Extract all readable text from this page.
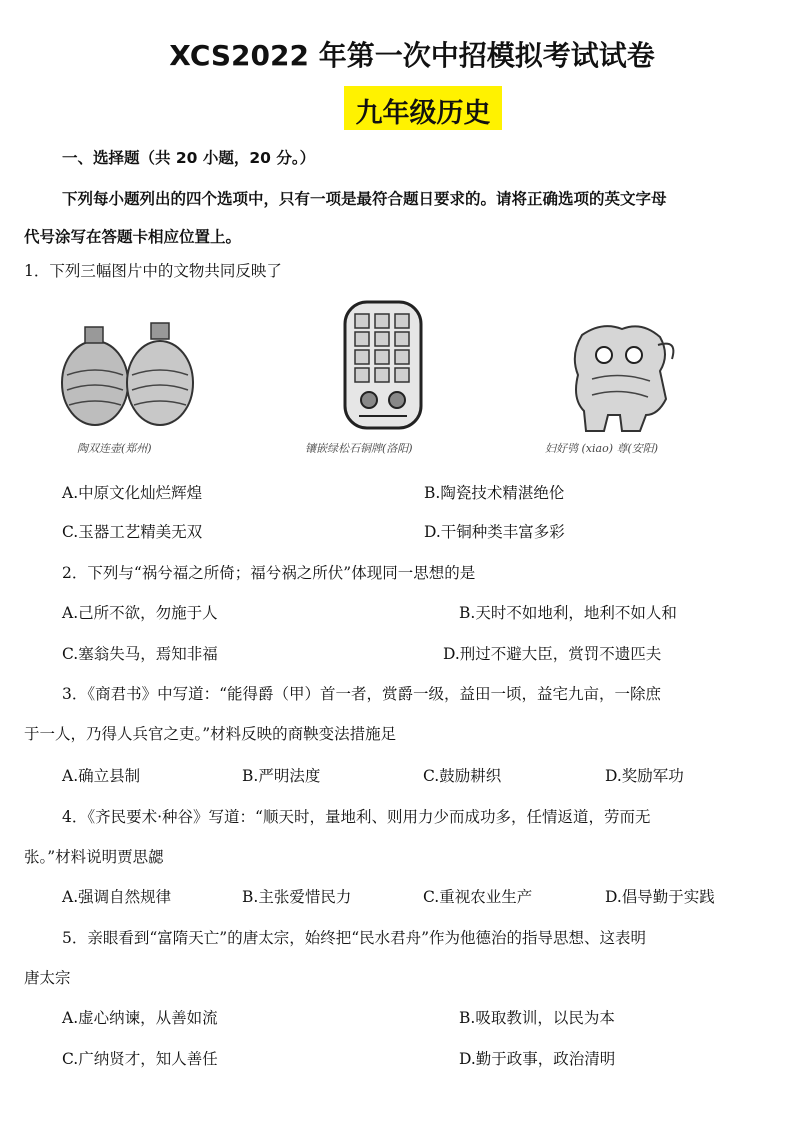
XCS2022 年第一次中招模拟考试试卷
九年级历史
一、选择题（共 20 小题，20 分。）
下列每小题列出的四个选项中，只有一项是最符合题日要求的。请将正确选项的英文字母
代号涂写在答题卡相应位置上。
1．下列三幅图片中的文物共同反映了
陶双连壶(郑州)	镶嵌绿松石铜牌(洛阳)	妇好鸮 (xiao) 尊(安阳)
A.中原文化灿烂辉煌	B.陶瓷技术精湛绝伦
C.玉器工艺精美无双	D.干铜种类丰富多彩
2．下列与“祸兮福之所倚；福兮祸之所伏”体现同一思想的是
A.己所不欲，勿施于人	B.天时不如地利，地利不如人和
C.塞翁失马，焉知非福	D.刑过不避大臣，赏罚不遗匹夫
3．《商君书》中写道：“能得爵（甲）首一者，赏爵一级，益田一顷，益宅九亩，一除庶
于一人，乃得人兵官之吏。”材料反映的商鞅变法措施足
A.确立县制	B.严明法度	C.鼓励耕织	D.奖励军功
4．《齐民要术·种谷》写道：“顺天时，量地利、则用力少而成功多，任情返道，劳而无
张。”材料说明贾思勰
A.强调自然规律	B.主张爱惜民力	C.重视农业生产	D.倡导勤于实践
5．亲眼看到“富隋天亡”的唐太宗，始终把“民水君舟”作为他德治的指导思想、这表明
唐太宗
A.虚心纳谏，从善如流	B.吸取教训，以民为本
C.广纳贤才，知人善任	D.勤于政事，政治清明
